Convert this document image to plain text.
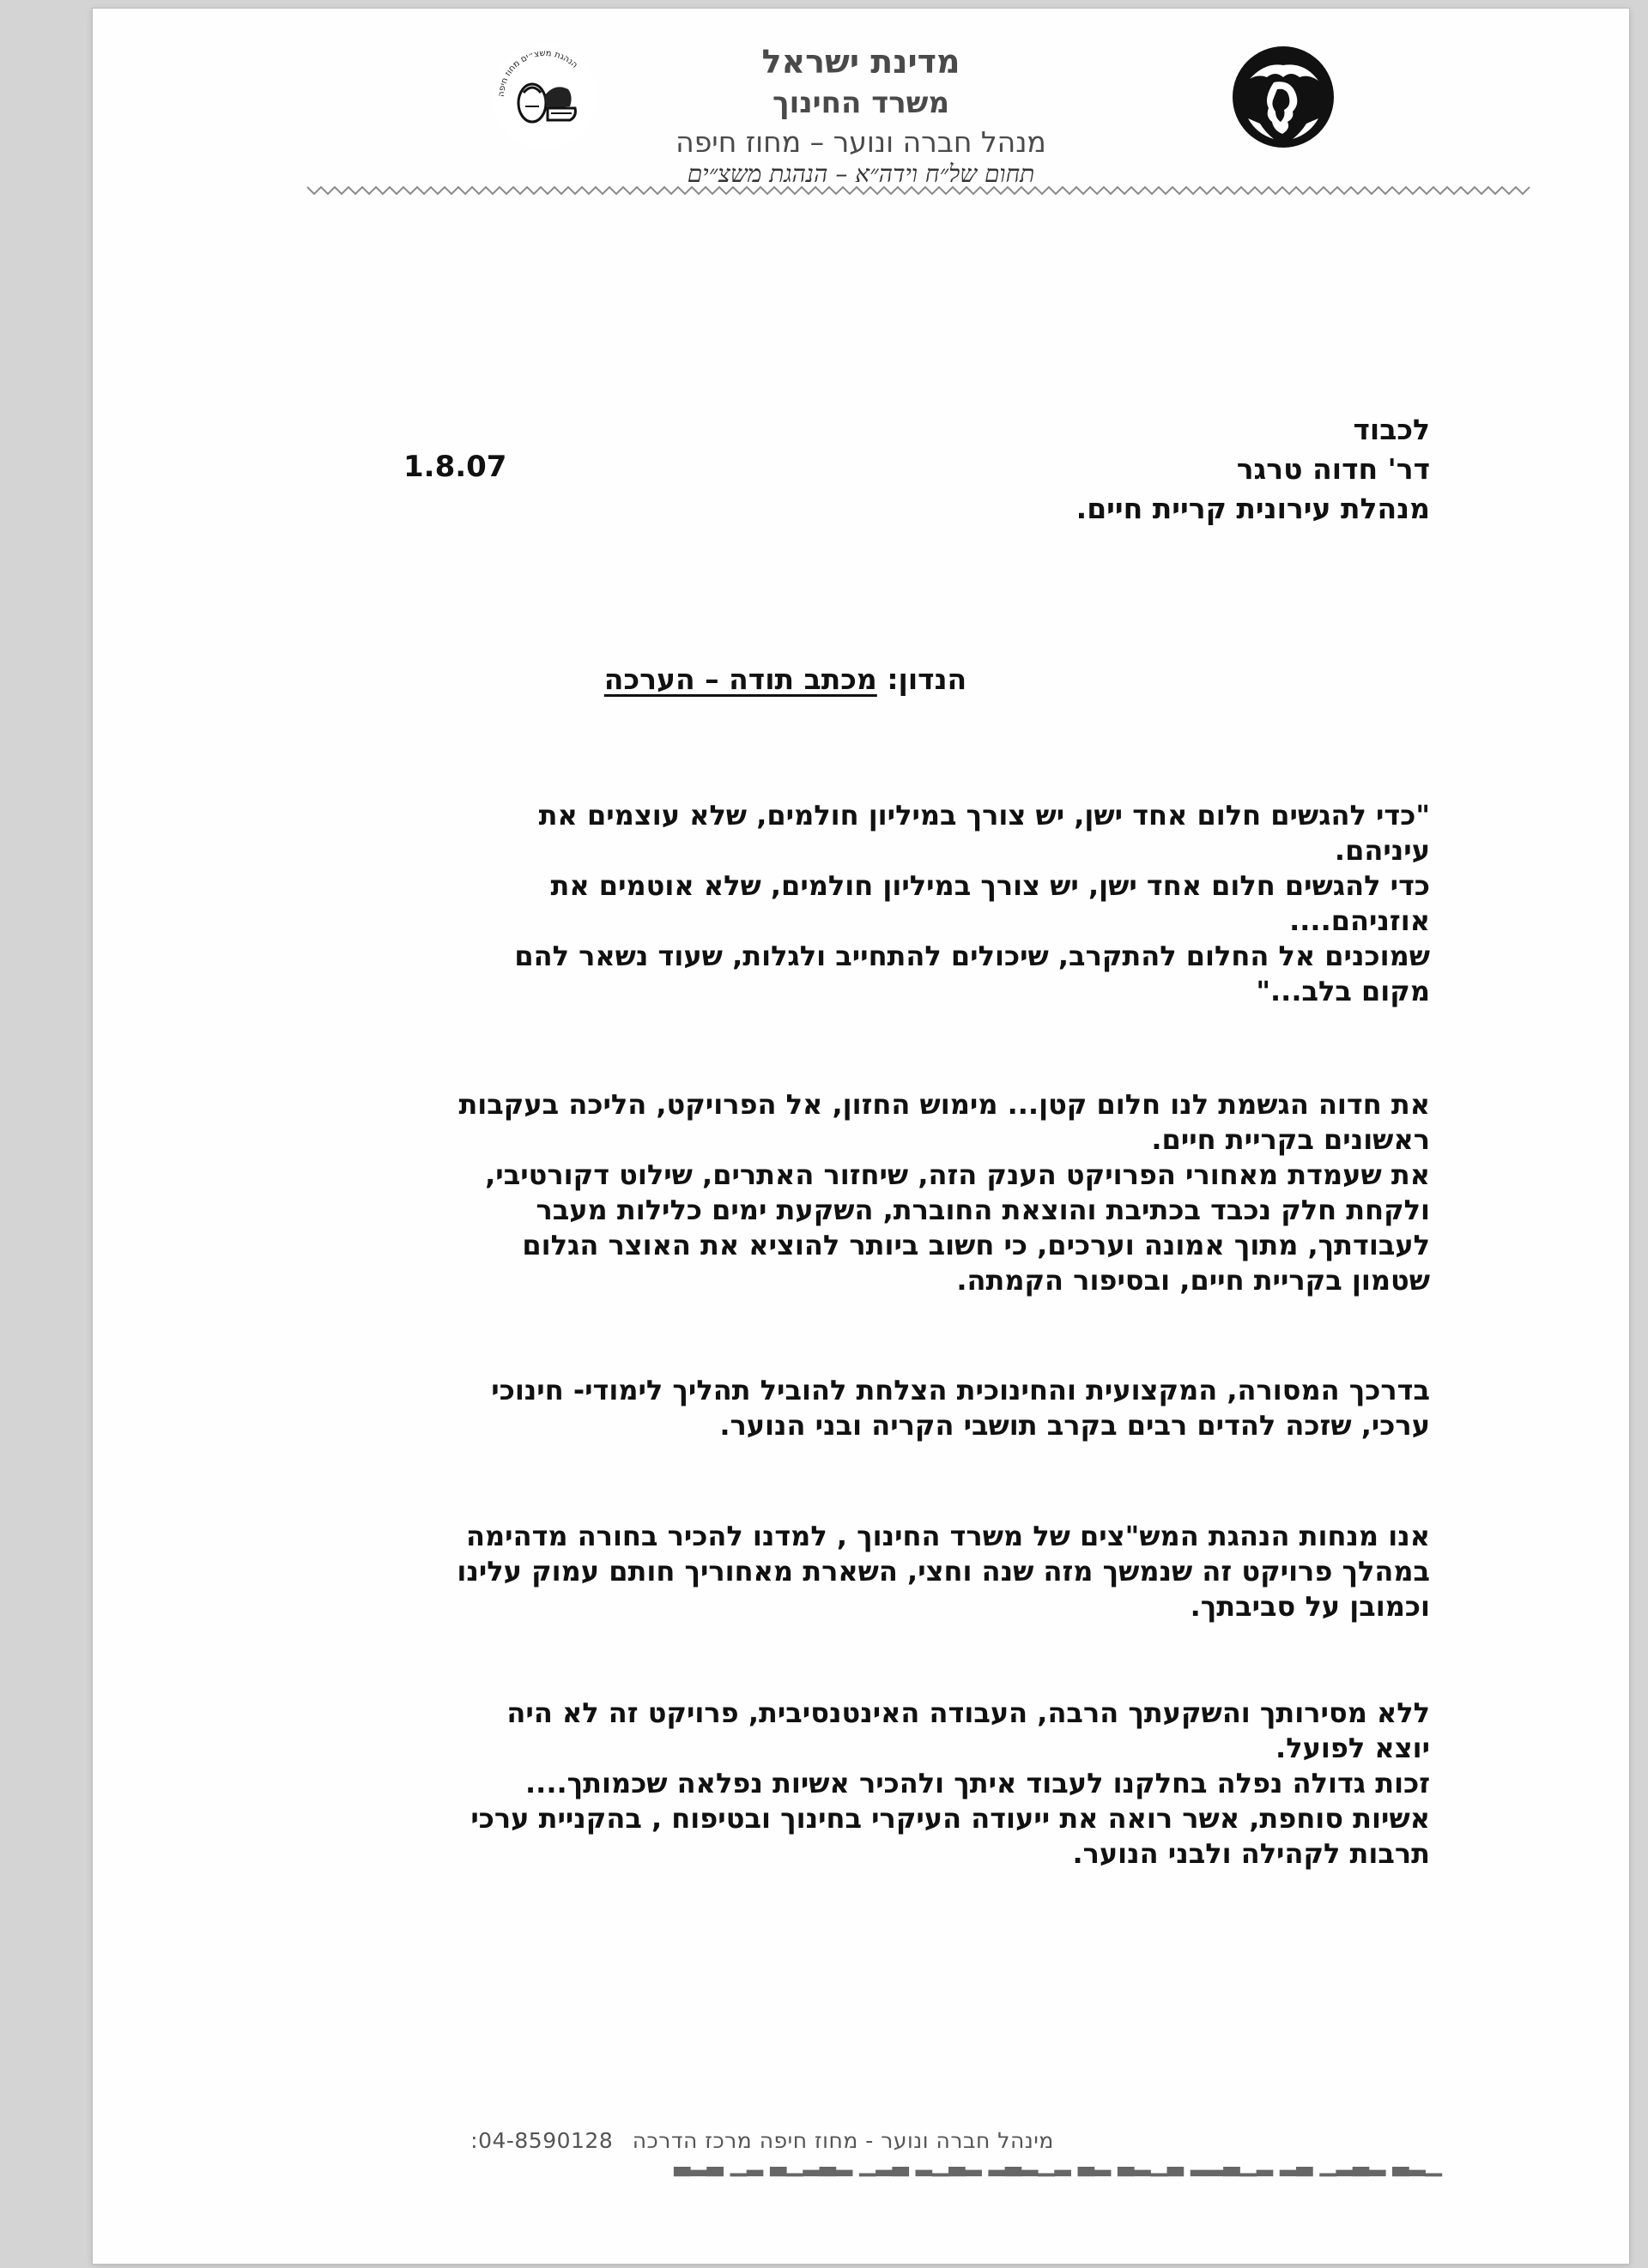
הנהגת משצ״ים מחוז חיפה	מדינת ישראל
משרד החינוך
מנהל חברה ונוער – מחוז חיפה
תחום של״ח וידה״א – הנהגת משצ״ים
לכבוד
דר' חדוה טרגר
מנהלת עירונית קריית חיים.
1.8.07
הנדון: מכתב תודה – הערכה
"כדי להגשים חלום אחד ישן, יש צורך במיליון חולמים, שלא עוצמים את
עיניהם.
כדי להגשים חלום אחד ישן, יש צורך במיליון חולמים, שלא אוטמים את
אוזניהם....
שמוכנים אל החלום להתקרב, שיכולים להתחייב ולגלות, שעוד נשאר להם
מקום בלב..."
את חדוה הגשמת לנו חלום קטן... מימוש החזון, אל הפרויקט, הליכה בעקבות
ראשונים בקריית חיים.
את שעמדת מאחורי הפרויקט הענק הזה, שיחזור האתרים, שילוט דקורטיבי,
ולקחת חלק נכבד בכתיבת והוצאת החוברת, השקעת ימים כלילות מעבר
לעבודתך, מתוך אמונה וערכים, כי חשוב ביותר להוציא את האוצר הגלום
שטמון בקריית חיים, ובסיפור הקמתה.
בדרכך המסורה, המקצועית והחינוכית הצלחת להוביל תהליך לימודי- חינוכי
ערכי, שזכה להדים רבים בקרב תושבי הקריה ובני הנוער.
אנו מנחות הנהגת המש"צים של משרד החינוך , למדנו להכיר בחורה מדהימה
במהלך פרויקט זה שנמשך מזה שנה וחצי, השארת מאחוריך חותם עמוק עלינו
וכמובן על סביבתך.
ללא מסירותך והשקעתך הרבה, העבודה האינטנסיבית, פרויקט זה לא היה
יוצא לפועל.
זכות גדולה נפלה בחלקנו לעבוד איתך ולהכיר אשיות נפלאה שכמותך....
אשיות סוחפת, אשר רואה את ייעודה העיקרי בחינוך ובטיפוח , בהקניית ערכי
תרבות לקהילה ולבני הנוער.
מינהל חברה ונוער - מחוז חיפה מרכז הדרכה 04-8590128:
▁▂▃ ▂▃▂▁ ▃▂ ▂▁▃▂▂ ▃▁▂▃ ▂▃ ▂▁▂▃▂ ▂▃▁▂ ▃▂▁ ▂▃▂▁▃ ▂▁ ▃▂▃
